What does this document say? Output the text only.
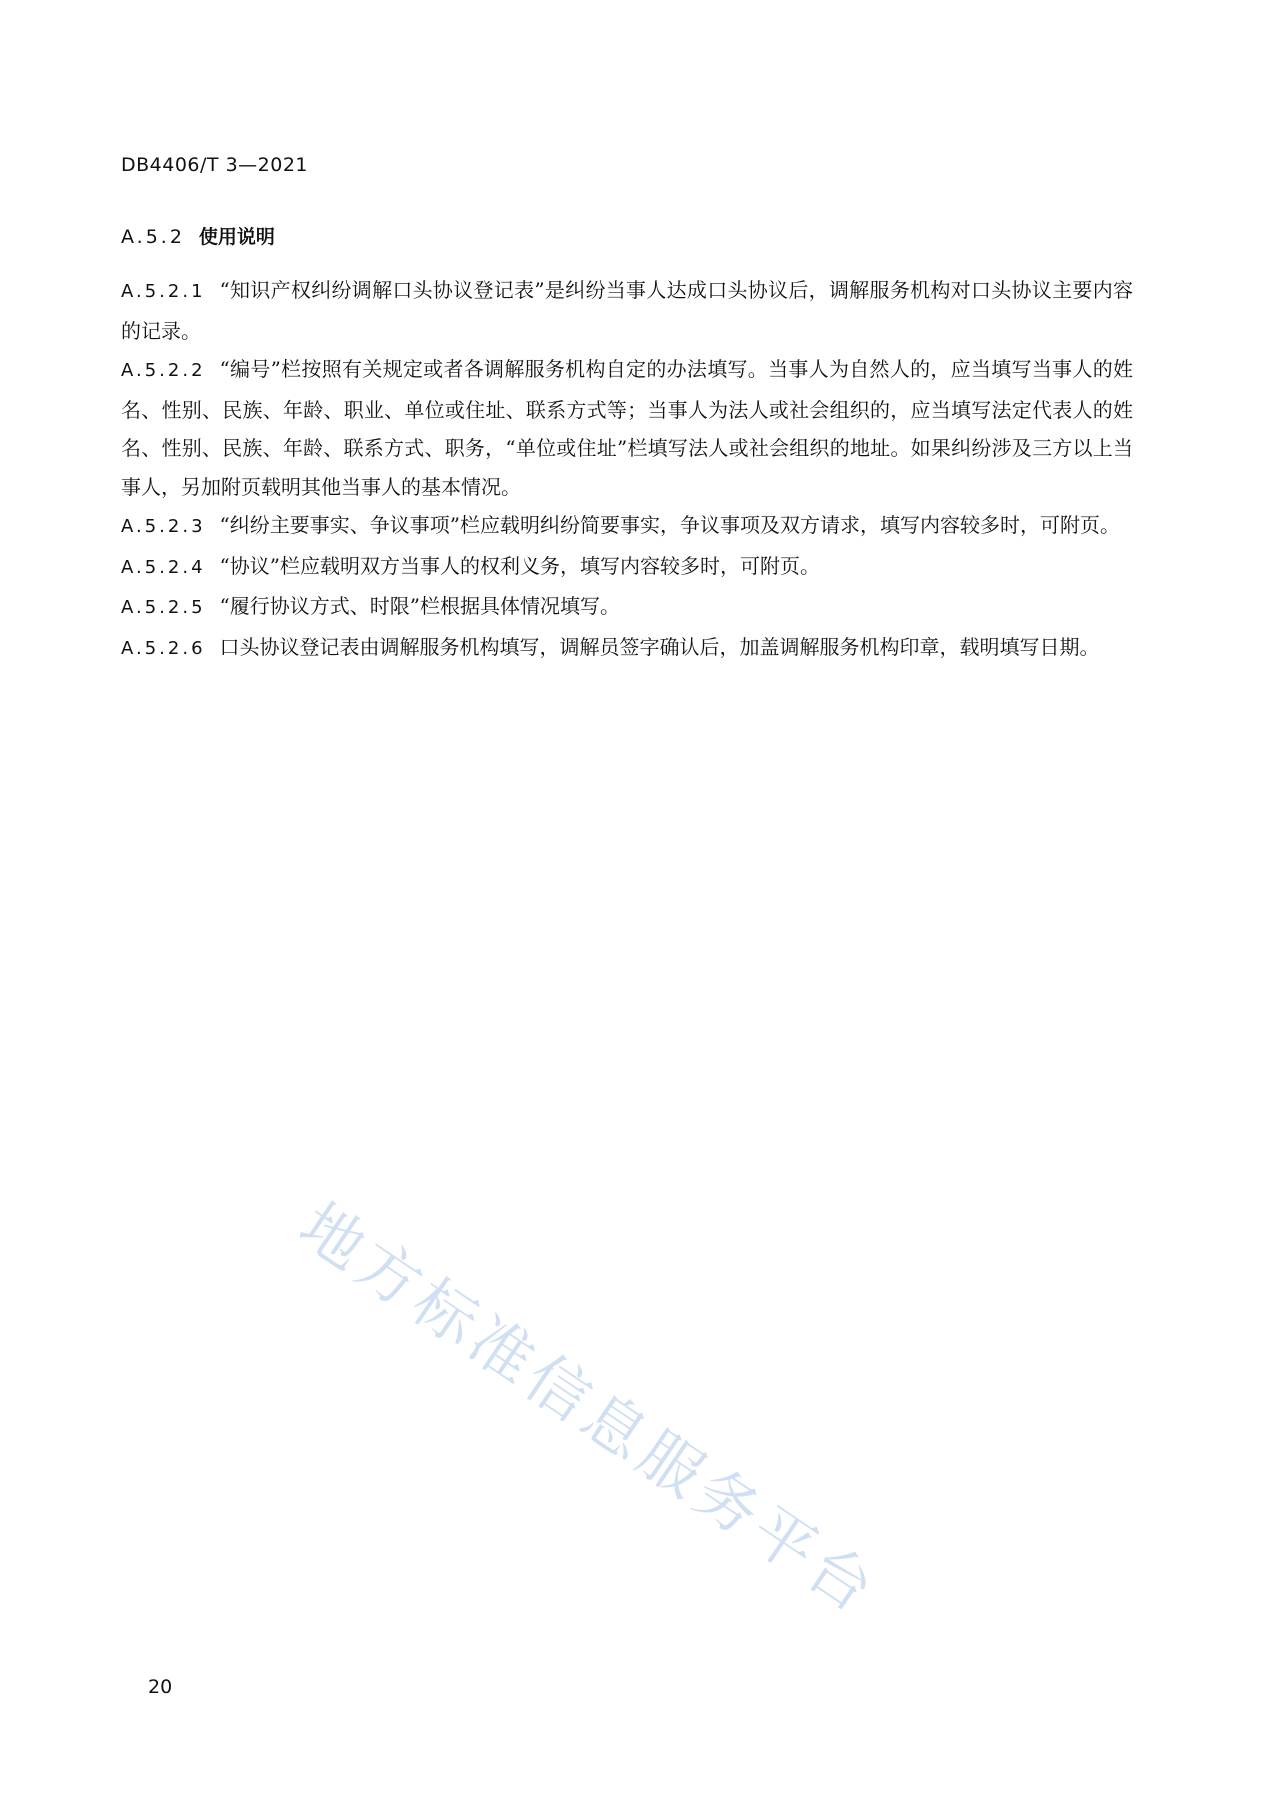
DB4406/T 3—2021
A.5.2 使用说明
A.5.2.1 “知识产权纠纷调解口头协议登记表”是纠纷当事人达成口头协议后，调解服务机构对口头协议主要内容的记录。
A.5.2.2 “编号”栏按照有关规定或者各调解服务机构自定的办法填写。当事人为自然人的，应当填写当事人的姓名、性别、民族、年龄、职业、单位或住址、联系方式等；当事人为法人或社会组织的，应当填写法定代表人的姓名、性别、民族、年龄、联系方式、职务，“单位或住址”栏填写法人或社会组织的地址。如果纠纷涉及三方以上当事人，另加附页载明其他当事人的基本情况。
A.5.2.3 “纠纷主要事实、争议事项”栏应载明纠纷简要事实，争议事项及双方请求，填写内容较多时，可附页。
A.5.2.4 “协议”栏应载明双方当事人的权利义务，填写内容较多时，可附页。
A.5.2.5 “履行协议方式、时限”栏根据具体情况填写。
A.5.2.6 口头协议登记表由调解服务机构填写，调解员签字确认后，加盖调解服务机构印章，载明填写日期。
地方标准信息服务平台
20
